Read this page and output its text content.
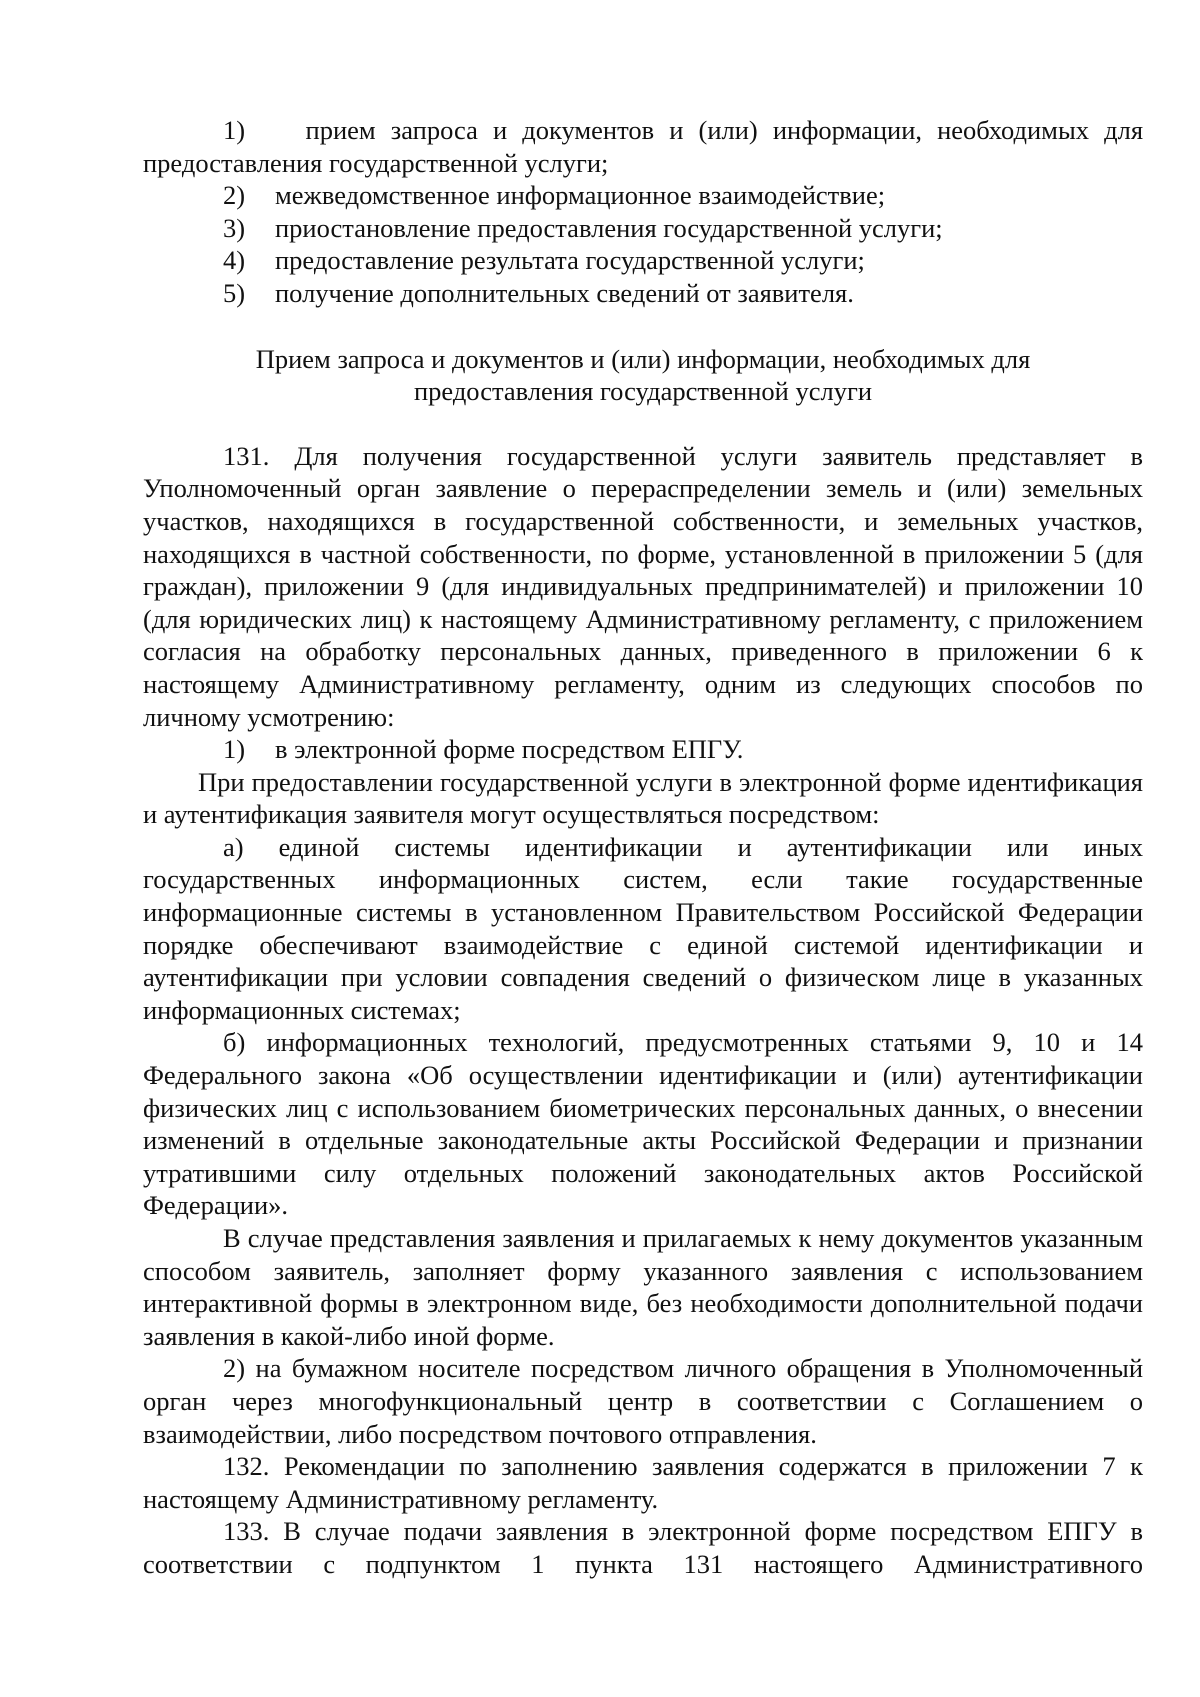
1) прием запроса и документов и (или) информации, необходимых для предоставления государственной услуги;

2) межведомственное информационное взаимодействие;

3) приостановление предоставления государственной услуги;

4) предоставление результата государственной услуги;

5) получение дополнительных сведений от заявителя.

Прием запроса и документов и (или) информации, необходимых для
предоставления государственной услуги

131. Для получения государственной услуги заявитель представляет в Уполномоченный орган заявление о перераспределении земель и (или) земельных участков, находящихся в государственной собственности, и земельных участков, находящихся в частной собственности, по форме, установленной в приложении 5 (для граждан), приложении 9 (для индивидуальных предпринимателей) и приложении 10 (для юридических лиц) к настоящему Административному регламенту, с приложением согласия на обработку персональных данных, приведенного в приложении 6 к настоящему Административному регламенту, одним из следующих способов по личному усмотрению:

1) в электронной форме посредством ЕПГУ.

При предоставлении государственной услуги в электронной форме идентификация и аутентификация заявителя могут осуществляться посредством:

а) единой системы идентификации и аутентификации или иных государственных информационных систем, если такие государственные информационные системы в установленном Правительством Российской Федерации порядке обеспечивают взаимодействие с единой системой идентификации и аутентификации при условии совпадения сведений о физическом лице в указанных информационных системах;

б) информационных технологий, предусмотренных статьями 9, 10 и 14 Федерального закона «Об осуществлении идентификации и (или) аутентификации физических лиц с использованием биометрических персональных данных, о внесении изменений в отдельные законодательные акты Российской Федерации и признании утратившими силу отдельных положений законодательных актов Российской Федерации».

В случае представления заявления и прилагаемых к нему документов указанным способом заявитель, заполняет форму указанного заявления с использованием интерактивной формы в электронном виде, без необходимости дополнительной подачи заявления в какой-либо иной форме.

2) на бумажном носителе посредством личного обращения в Уполномоченный орган через многофункциональный центр в соответствии с Соглашением о взаимодействии, либо посредством почтового отправления.

132. Рекомендации по заполнению заявления содержатся в приложении 7 к настоящему Административному регламенту.

133. В случае подачи заявления в электронной форме посредством ЕПГУ в соответствии с подпунктом 1 пункта 131 настоящего Административного
